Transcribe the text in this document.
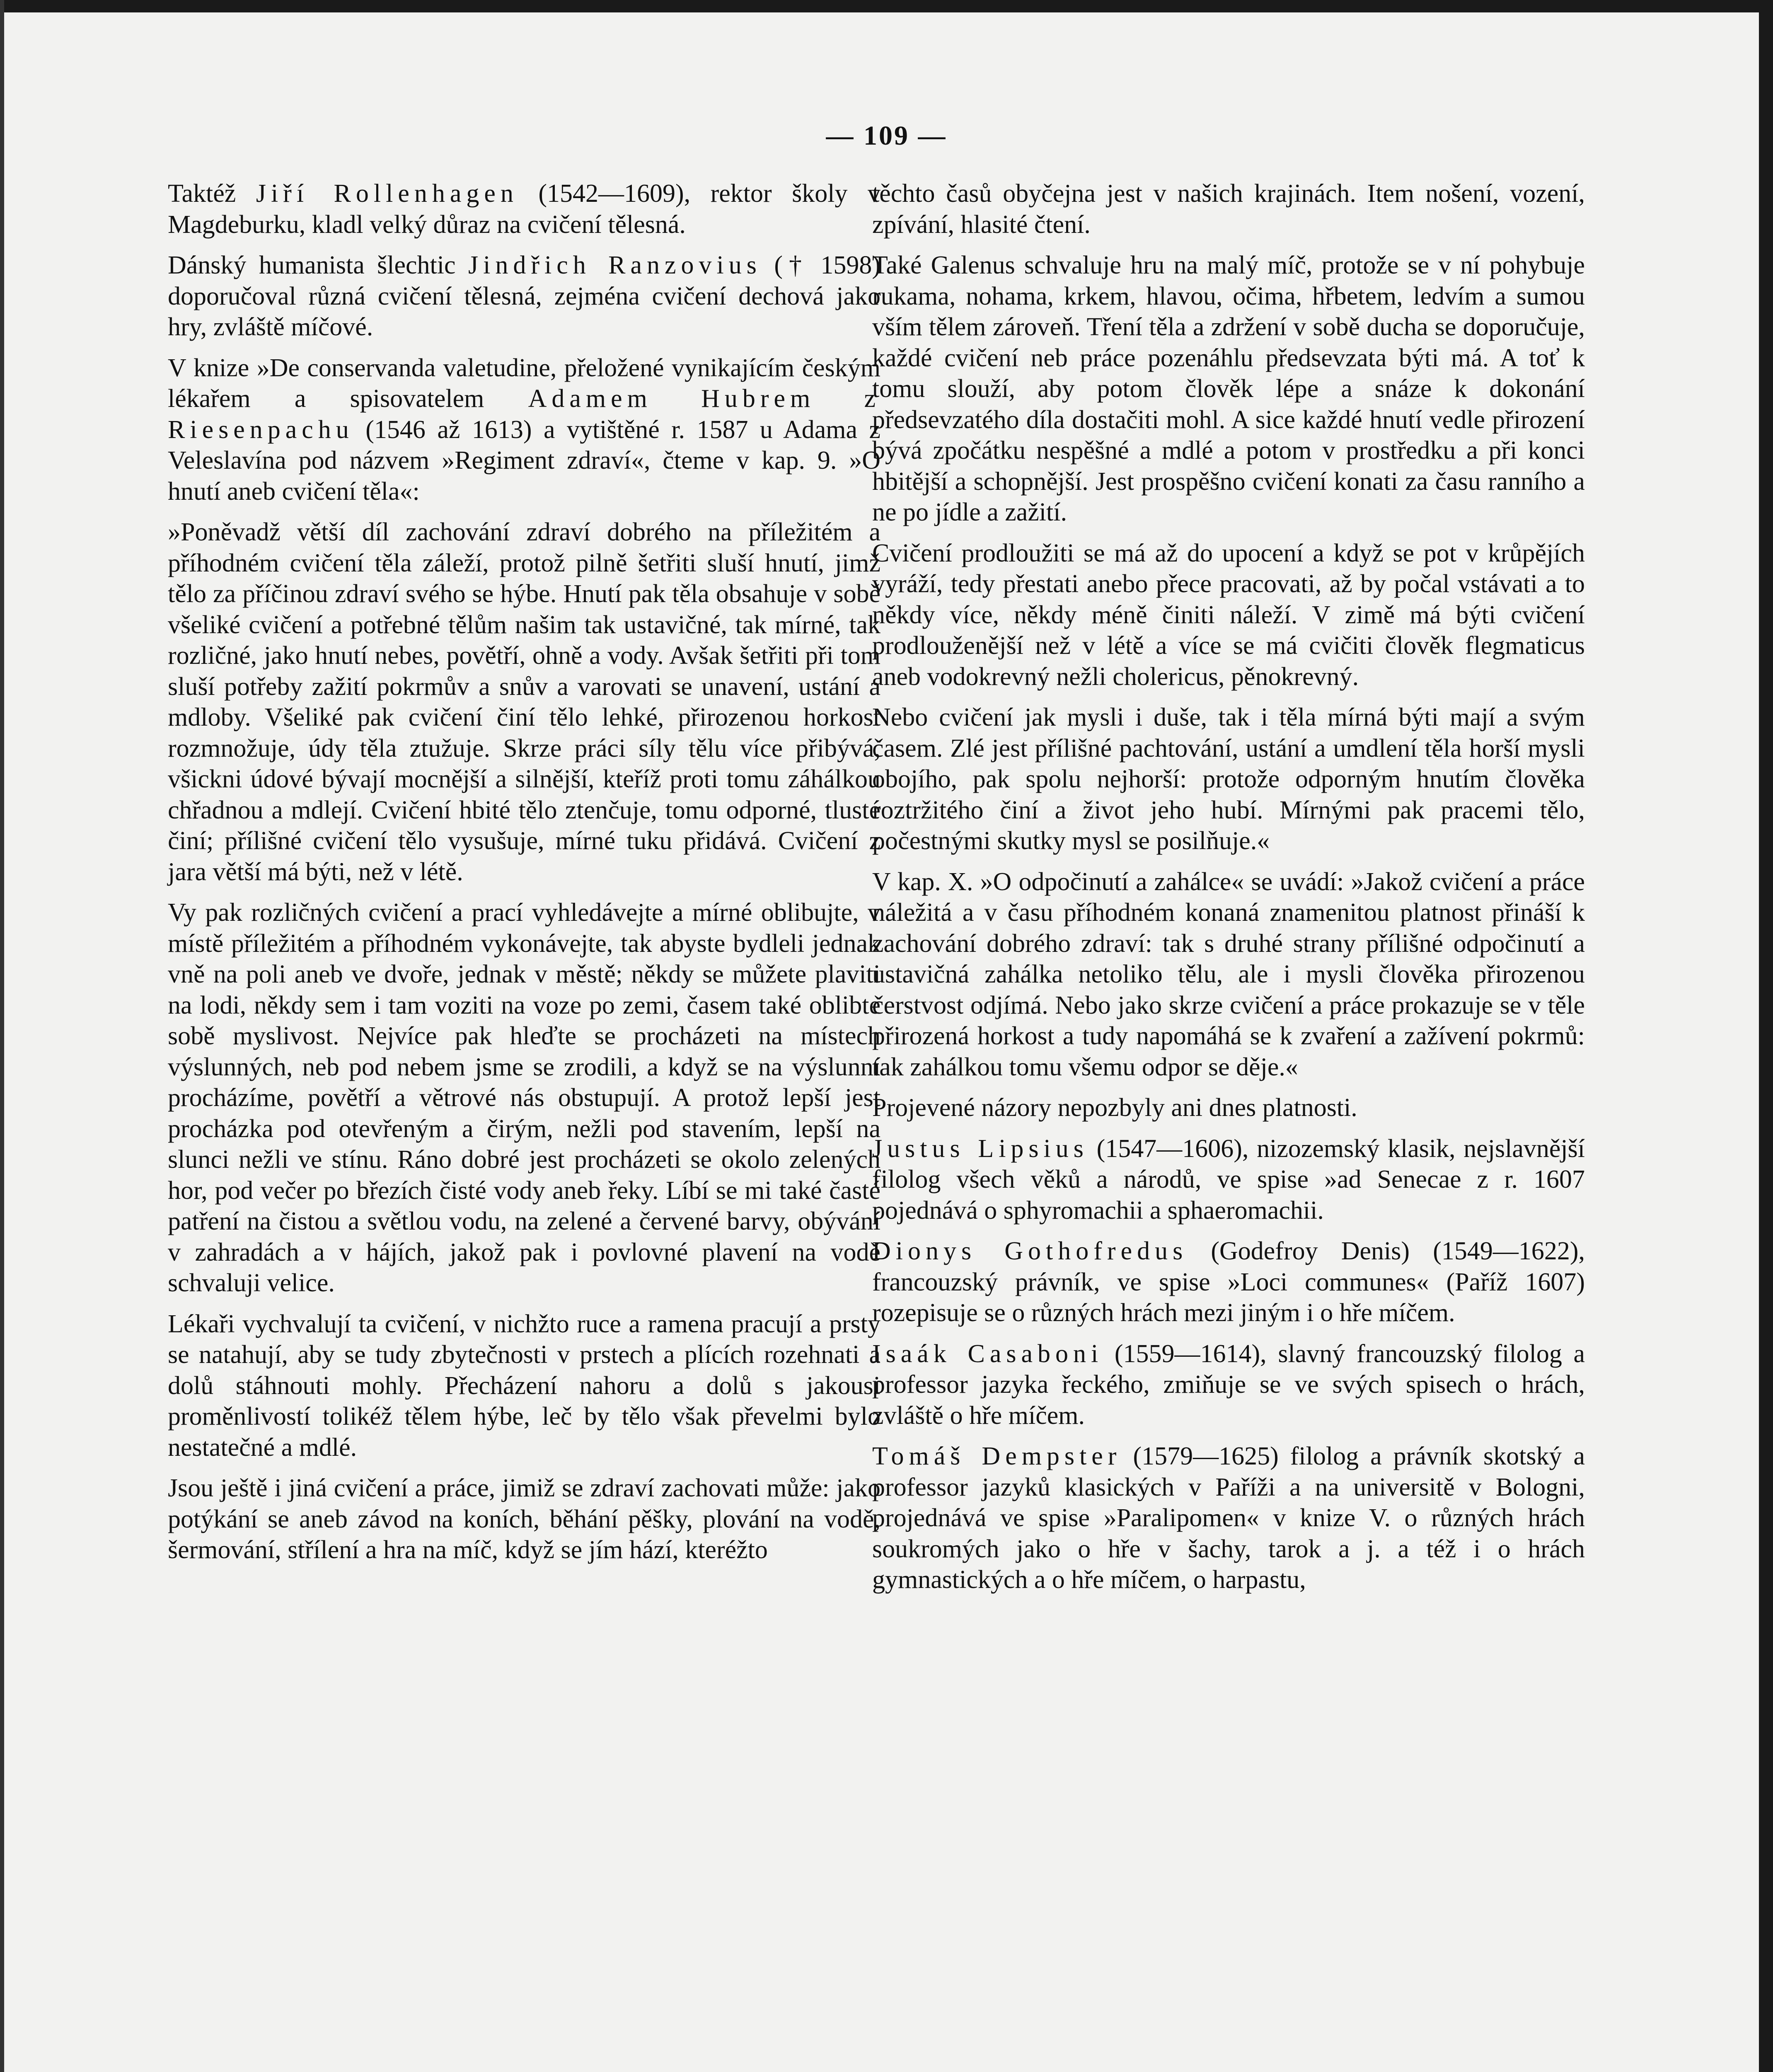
— 109 —

Taktéž Jiří Rollenhagen (1542—1609), rektor školy v Magdeburku, kladl velký důraz na cvičení tělesná.

Dánský humanista šlechtic Jindřich Ranzovius († 1598) doporučoval různá cvičení tělesná, zejména cvičení dechová jako hry, zvláště míčové.

V knize »De conservanda valetudine, přeložené vynikajícím českým lékařem a spisovatelem Adamem Hubrem z Riesenpachu (1546 až 1613) a vytištěné r. 1587 u Adama z Veleslavína pod názvem »Regiment zdraví«, čteme v kap. 9. »O hnutí aneb cvičení těla«:

»Poněvadž větší díl zachování zdraví dobrého na příležitém a příhodném cvičení těla záleží, protož pilně šetřiti sluší hnutí, jimž tělo za příčinou zdraví svého se hýbe. Hnutí pak těla obsahuje v sobě všeliké cvičení a potřebné tělům našim tak ustavičné, tak mírné, tak rozličné, jako hnutí nebes, povětří, ohně a vody. Avšak šetřiti při tom sluší potřeby zažití pokrmův a snův a varovati se unavení, ustání a mdloby. Všeliké pak cvičení činí tělo lehké, přirozenou horkost rozmnožuje, údy těla ztužuje. Skrze práci síly tělu více přibývá, všickni údové bývají mocnější a silnější, kteříž proti tomu záhálkou chřadnou a mdlejí. Cvičení hbité tělo ztenčuje, tomu odporné, tlusté činí; přílišné cvičení tělo vysušuje, mírné tuku přidává. Cvičení z jara větší má býti, než v létě.

Vy pak rozličných cvičení a prací vyhledávejte a mírné oblibujte, v místě příležitém a příhodném vykonávejte, tak abyste bydleli jednak vně na poli aneb ve dvoře, jednak v městě; někdy se můžete plaviti na lodi, někdy sem i tam voziti na voze po zemi, časem také oblibte sobě myslivost. Nejvíce pak hleďte se procházeti na místech výslunných, neb pod nebem jsme se zrodili, a když se na výslunní procházíme, povětří a větrové nás obstupují. A protož lepší jest procházka pod otevřeným a čirým, nežli pod stavením, lepší na slunci nežli ve stínu. Ráno dobré jest procházeti se okolo zelených hor, pod večer po březích čisté vody aneb řeky. Líbí se mi také časté patření na čistou a světlou vodu, na zelené a červené barvy, obývání v zahradách a v hájích, jakož pak i povlovné plavení na vodě schvaluji velice.

Lékaři vychvalují ta cvičení, v nichžto ruce a ramena pracují a prsty se natahují, aby se tudy zbytečnosti v prstech a plících rozehnati a dolů stáhnouti mohly. Přecházení nahoru a dolů s jakousi proměnlivostí tolikéž tělem hýbe, leč by tělo však převelmi bylo nestatečné a mdlé.

Jsou ještě i jiná cvičení a práce, jimiž se zdraví zachovati může: jako potýkání se aneb závod na koních, běhání pěšky, plování na vodě, šermování, střílení a hra na míč, když se jím hází, kteréžto

těchto časů obyčejna jest v našich krajinách. Item nošení, vození, zpívání, hlasité čtení.

Také Galenus schvaluje hru na malý míč, protože se v ní pohybuje rukama, nohama, krkem, hlavou, očima, hřbetem, ledvím a sumou vším tělem zároveň. Tření těla a zdržení v sobě ducha se doporučuje, každé cvičení neb práce pozenáhlu předsevzata býti má. A toť k tomu slouží, aby potom člověk lépe a snáze k dokonání předsevzatého díla dostačiti mohl. A sice každé hnutí vedle přirození bývá zpočátku nespěšné a mdlé a potom v prostředku a při konci hbitější a schopnější. Jest prospěšno cvičení konati za času ranního a ne po jídle a zažití.

Cvičení prodloužiti se má až do upocení a když se pot v krůpějích vyráží, tedy přestati anebo přece pracovati, až by počal vstávati a to někdy více, někdy méně činiti náleží. V zimě má býti cvičení prodlouženější než v létě a více se má cvičiti člověk flegmaticus aneb vodokrevný nežli cholericus, pěnokrevný.

Nebo cvičení jak mysli i duše, tak i těla mírná býti mají a svým časem. Zlé jest přílišné pachtování, ustání a umdlení těla horší mysli obojího, pak spolu nejhorší: protože odporným hnutím člověka roztržitého činí a život jeho hubí. Mírnými pak pracemi tělo, počestnými skutky mysl se posilňuje.«

V kap. X. »O odpočinutí a zahálce« se uvádí: »Jakož cvičení a práce náležitá a v času příhodném konaná znamenitou platnost přináší k zachování dobrého zdraví: tak s druhé strany přílišné odpočinutí a ustavičná zahálka netoliko tělu, ale i mysli člověka přirozenou čerstvost odjímá. Nebo jako skrze cvičení a práce prokazuje se v těle přirozená horkost a tudy napomáhá se k zvaření a zažívení pokrmů: tak zahálkou tomu všemu odpor se děje.«

Projevené názory nepozbyly ani dnes platnosti.

Justus Lipsius (1547—1606), nizozemský klasik, nejslavnější filolog všech věků a národů, ve spise »ad Senecae z r. 1607 pojednává o sphyromachii a sphaeromachii.

Dionys Gothofredus (Godefroy Denis) (1549—1622), francouzský právník, ve spise »Loci communes« (Paříž 1607) rozepisuje se o různých hrách mezi jiným i o hře míčem.

Isaák Casaboni (1559—1614), slavný francouzský filolog a professor jazyka řeckého, zmiňuje se ve svých spisech o hrách, zvláště o hře míčem.

Tomáš Dempster (1579—1625) filolog a právník skotský a professor jazyků klasických v Paříži a na universitě v Bologni, projednává ve spise »Paralipomen« v knize V. o různých hrách soukromých jako o hře v šachy, tarok a j. a též i o hrách gymnastických a o hře míčem, o harpastu,
